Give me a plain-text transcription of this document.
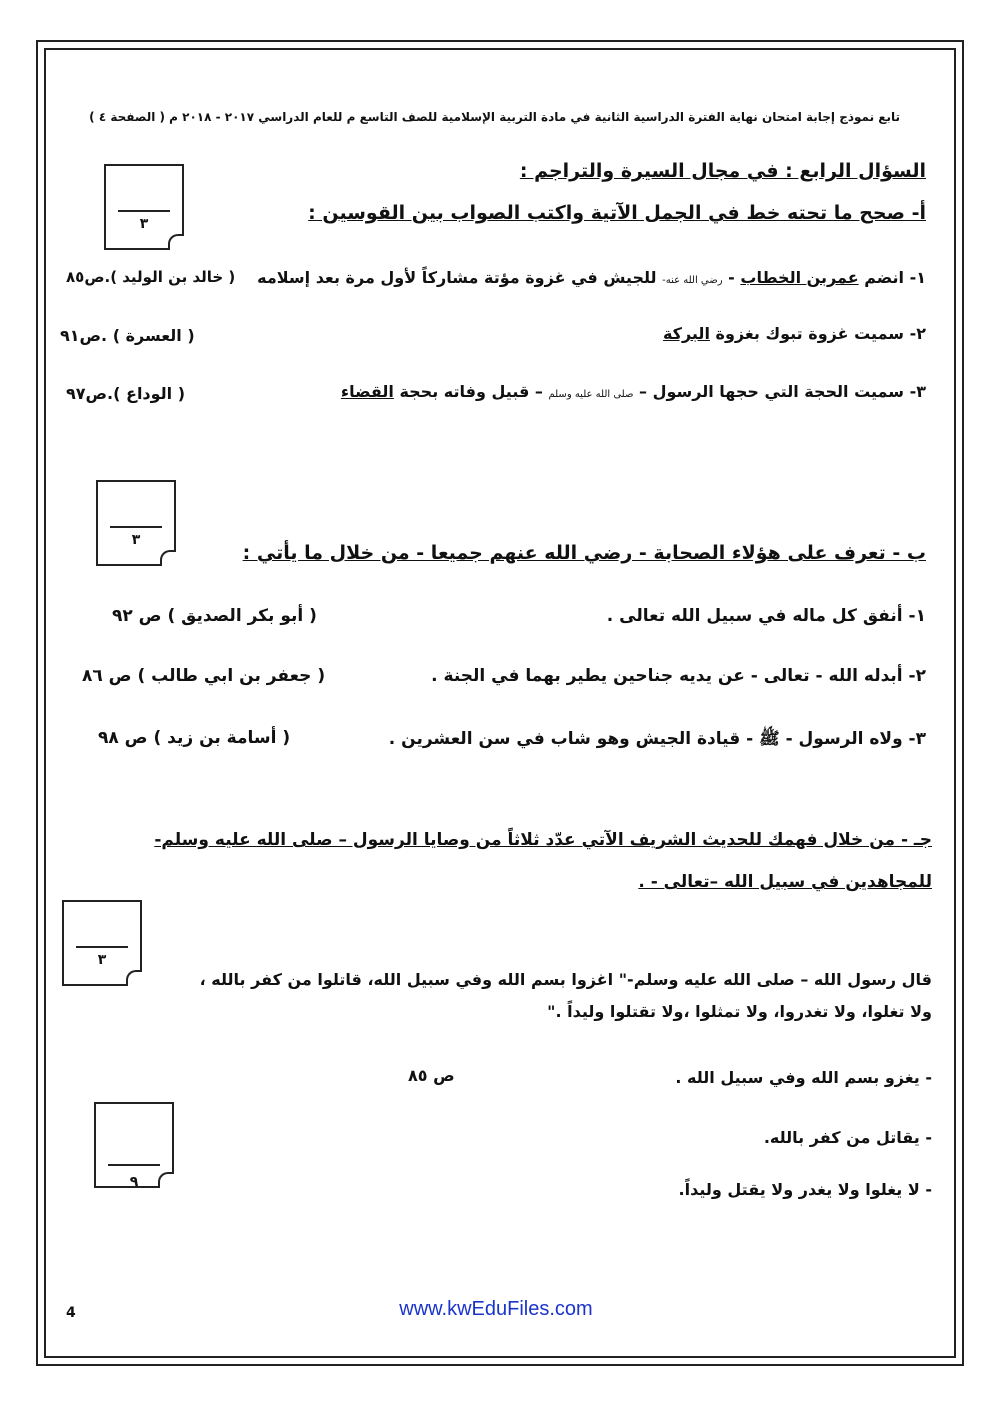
تابع نموذج إجابة امتحان نهاية الفترة الدراسية الثانية في مادة التربية الإسلامية للصف التاسع م للعام الدراسي ٢٠١٧ - ٢٠١٨ م ( الصفحة ٤ )
السؤال الرابع : في مجال السيرة والتراجم :
٣	أ- صحح ما تحته خط في الجمل الآتية واكتب الصواب بين القوسين :
١- انضم عمربن الخطاب - رضي الله عنه- للجيش في غزوة مؤتة مشاركاً لأول مرة بعد إسلامه
( خالد بن الوليد ).ص٨٥
٢- سميت غزوة تبوك بغزوة البركة
( العسرة ) .ص٩١
٣- سميت الحجة التي حجها الرسول – صلى الله عليه وسلم – قبيل وفاته بحجة القضاء
( الوداع ).ص٩٧
٣
ب - تعرف على هؤلاء الصحابة - رضي الله عنهم جميعا - من خلال ما يأتي :
١- أنفق كل ماله في سبيل الله تعالى .
( أبو بكر الصديق ) ص ٩٢
٢- أبدله الله - تعالى - عن يديه جناحين يطير بهما في الجنة .
( جعفر بن ابي طالب ) ص ٨٦
٣- ولاه الرسول - ﷺ - قيادة الجيش وهو شاب في سن العشرين .
( أسامة بن زيد ) ص ٩٨
جـ - من خلال فهمك للحديث الشريف الآتي عدّد ثلاثاً من وصايا الرسول – صلى الله عليه وسلم-
للمجاهدين في سبيل الله –تعالى - .
٣
قال رسول الله – صلى الله عليه وسلم-" اغزوا بسم الله وفي سبيل الله، قاتلوا من كفر بالله ،
ولا تغلوا، ولا تغدروا، ولا تمثلوا ،ولا تقتلوا وليداً ."
- يغزو بسم الله وفي سبيل الله .
ص ٨٥
٩
- يقاتل من كفر بالله.
- لا يغلوا ولا يغدر ولا يقتل وليداً.
www.kwEduFiles.com
4
